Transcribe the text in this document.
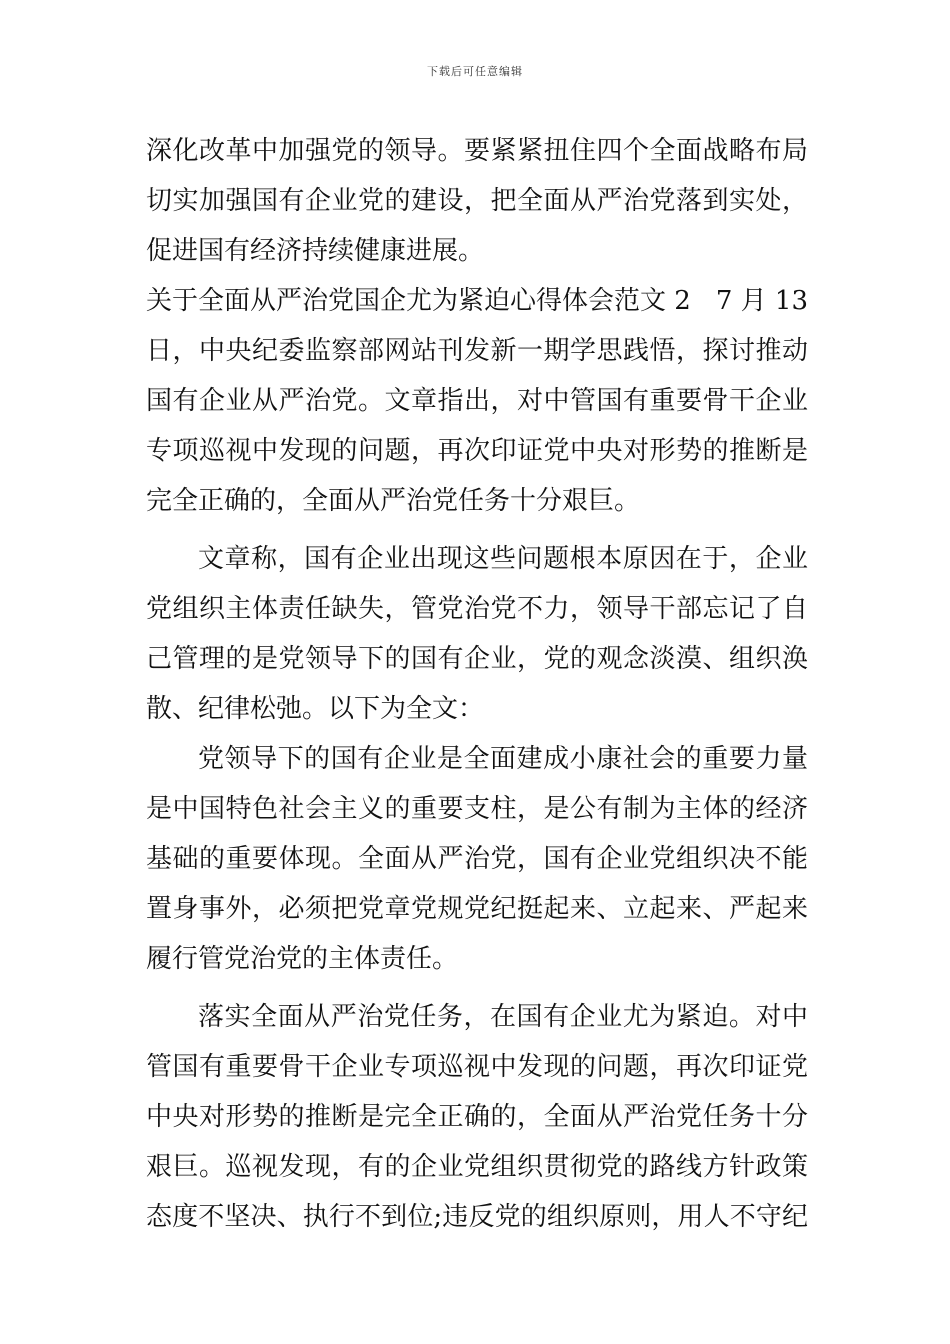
下载后可任意编辑
深化改革中加强党的领导。要紧紧扭住四个全面战略布局
切实加强国有企业党的建设，把全面从严治党落到实处，
促进国有经济持续健康进展。
关于全面从严治党国企尤为紧迫心得体会范文 2 7 月 13
日，中央纪委监察部网站刊发新一期学思践悟，探讨推动
国有企业从严治党。文章指出，对中管国有重要骨干企业
专项巡视中发现的问题，再次印证党中央对形势的推断是
完全正确的，全面从严治党任务十分艰巨。
文章称，国有企业出现这些问题根本原因在于，企业
党组织主体责任缺失，管党治党不力，领导干部忘记了自
己管理的是党领导下的国有企业，党的观念淡漠、组织涣
散、纪律松弛。以下为全文：
党领导下的国有企业是全面建成小康社会的重要力量
是中国特色社会主义的重要支柱，是公有制为主体的经济
基础的重要体现。全面从严治党，国有企业党组织决不能
置身事外，必须把党章党规党纪挺起来、立起来、严起来
履行管党治党的主体责任。
落实全面从严治党任务，在国有企业尤为紧迫。对中
管国有重要骨干企业专项巡视中发现的问题，再次印证党
中央对形势的推断是完全正确的，全面从严治党任务十分
艰巨。巡视发现，有的企业党组织贯彻党的路线方针政策
态度不坚决、执行不到位;违反党的组织原则，用人不守纪
